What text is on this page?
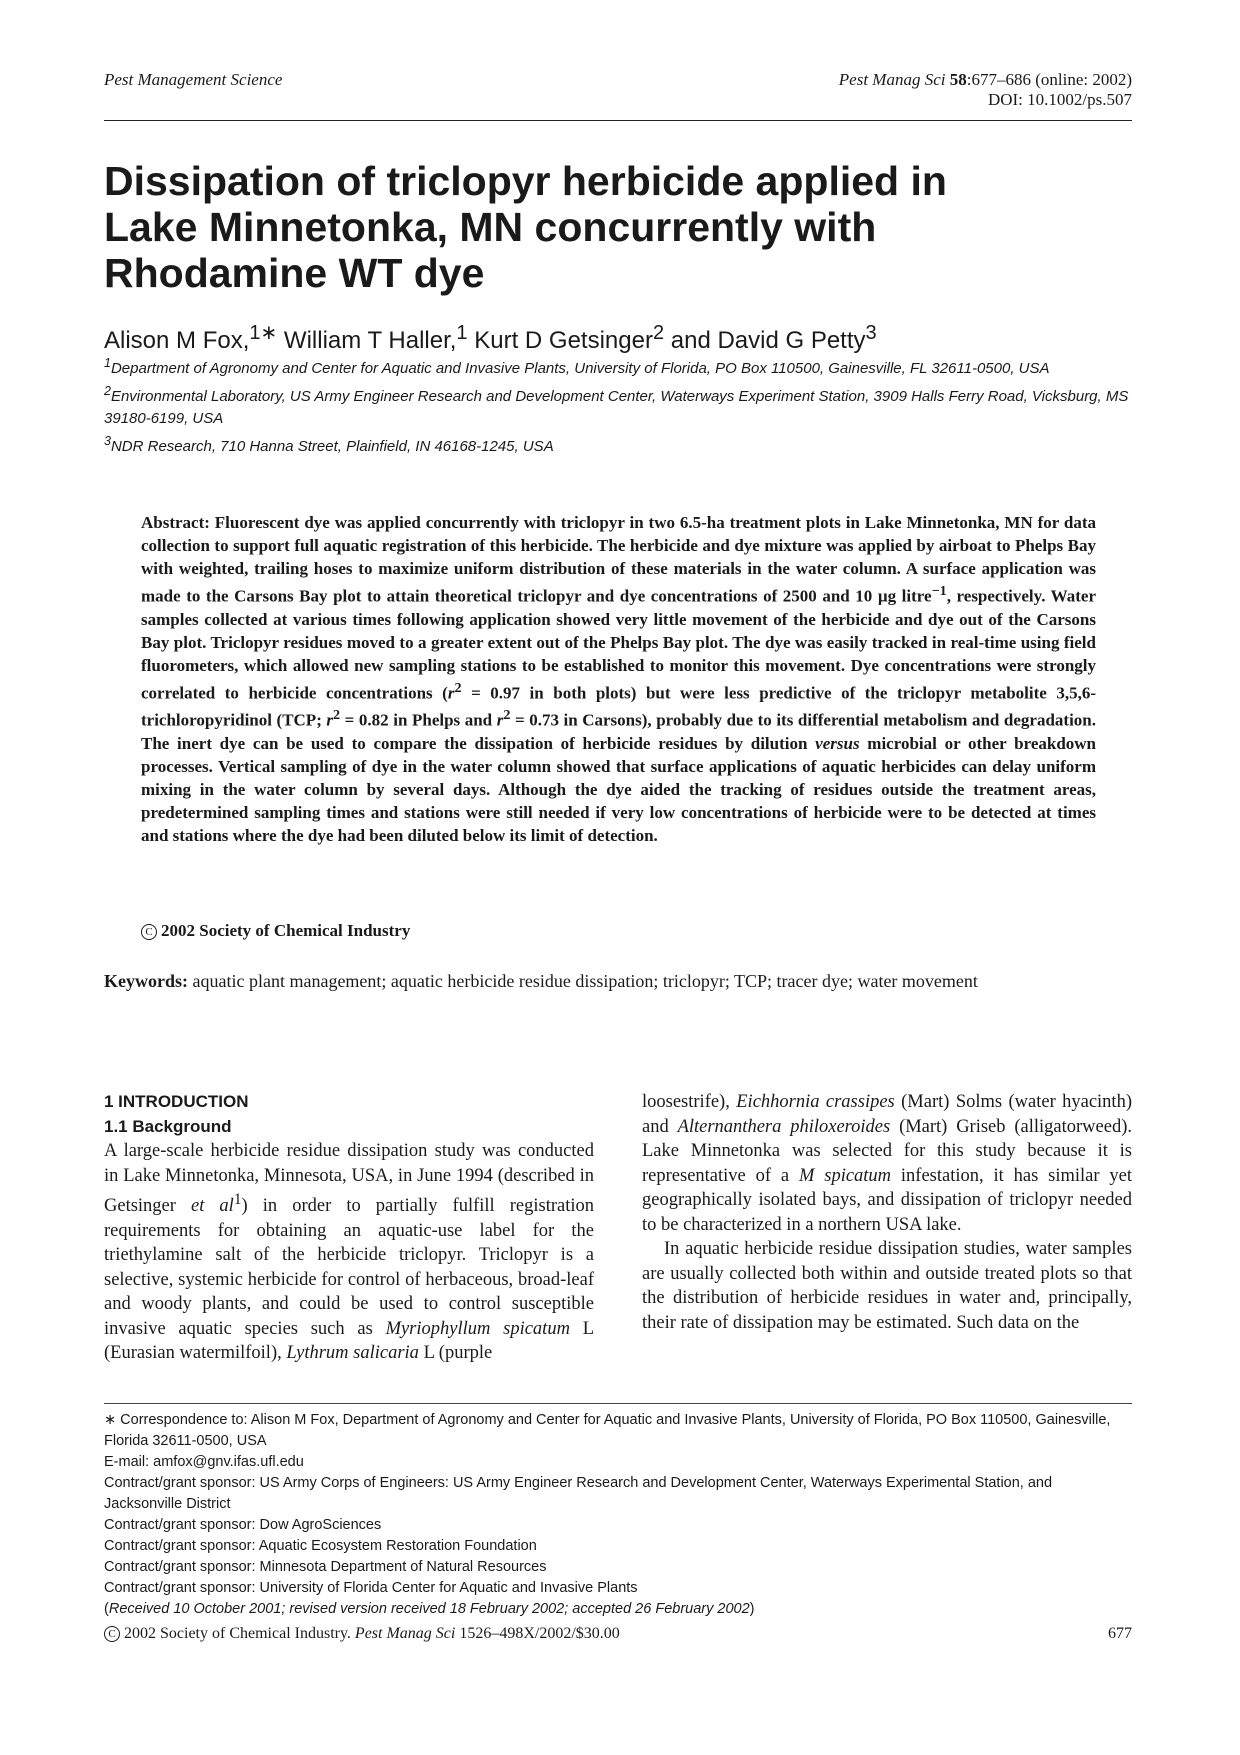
Pest Management Science	Pest Manag Sci 58:677–686 (online: 2002)
DOI: 10.1002/ps.507
Dissipation of triclopyr herbicide applied in
Lake Minnetonka, MN concurrently with
Rhodamine WT dye
Alison M Fox,$^{1∗}$ William T Haller,$^1$ Kurt D Getsinger$^2$ and David G Petty$^3$
$^1$Department of Agronomy and Center for Aquatic and Invasive Plants, University of Florida, PO Box 110500, Gainesville, FL 32611-0500, USA
$^2$Environmental Laboratory, US Army Engineer Research and Development Center, Waterways Experiment Station, 3909 Halls Ferry Road, Vicksburg, MS 39180-6199, USA
$^3$NDR Research, 710 Hanna Street, Plainfield, IN 46168-1245, USA
Abstract: Fluorescent dye was applied concurrently with triclopyr in two 6.5-ha treatment plots in Lake Minnetonka, MN for data collection to support full aquatic registration of this herbicide. The herbicide and dye mixture was applied by airboat to Phelps Bay with weighted, trailing hoses to maximize uniform distribution of these materials in the water column. A surface application was made to the Carsons Bay plot to attain theoretical triclopyr and dye concentrations of 2500 and 10 µg litre$^{-1}$, respectively. Water samples collected at various times following application showed very little movement of the herbicide and dye out of the Carsons Bay plot. Triclopyr residues moved to a greater extent out of the Phelps Bay plot. The dye was easily tracked in real-time using field fluorometers, which allowed new sampling stations to be established to monitor this movement. Dye concentrations were strongly correlated to herbicide concentrations ($r^2 = 0.97$ in both plots) but were less predictive of the triclopyr metabolite 3,5,6-trichloropyridinol (TCP; $r^2 = 0.82$ in Phelps and $r^2 = 0.73$ in Carsons), probably due to its differential metabolism and degradation. The inert dye can be used to compare the dissipation of herbicide residues by dilution versus microbial or other breakdown processes. Vertical sampling of dye in the water column showed that surface applications of aquatic herbicides can delay uniform mixing in the water column by several days. Although the dye aided the tracking of residues outside the treatment areas, predetermined sampling times and stations were still needed if very low concentrations of herbicide were to be detected at times and stations where the dye had been diluted below its limit of detection.
C 2002 Society of Chemical Industry
Keywords: aquatic plant management; aquatic herbicide residue dissipation; triclopyr; TCP; tracer dye; water movement
1 INTRODUCTION
1.1 Background
A large-scale herbicide residue dissipation study was conducted in Lake Minnetonka, Minnesota, USA, in June 1994 (described in Getsinger et $al^1$) in order to partially fulfill registration requirements for obtaining an aquatic-use label for the triethylamine salt of the herbicide triclopyr. Triclopyr is a selective, systemic herbicide for control of herbaceous, broad-leaf and woody plants, and could be used to control susceptible invasive aquatic species such as Myriophyllum spicatum L (Eurasian watermilfoil), Lythrum salicaria L (purple
loosestrife), Eichhornia crassipes (Mart) Solms (water hyacinth) and Alternanthera philoxeroides (Mart) Griseb (alligatorweed). Lake Minnetonka was selected for this study because it is representative of a M spicatum infestation, it has similar yet geographically isolated bays, and dissipation of triclopyr needed to be characterized in a northern USA lake.
In aquatic herbicide residue dissipation studies, water samples are usually collected both within and outside treated plots so that the distribution of herbicide residues in water and, principally, their rate of dissipation may be estimated. Such data on the
∗ Correspondence to: Alison M Fox, Department of Agronomy and Center for Aquatic and Invasive Plants, University of Florida, PO Box 110500, Gainesville, Florida 32611-0500, USA
E-mail: amfox@gnv.ifas.ufl.edu
Contract/grant sponsor: US Army Corps of Engineers: US Army Engineer Research and Development Center, Waterways Experimental Station, and Jacksonville District
Contract/grant sponsor: Dow AgroSciences
Contract/grant sponsor: Aquatic Ecosystem Restoration Foundation
Contract/grant sponsor: Minnesota Department of Natural Resources
Contract/grant sponsor: University of Florida Center for Aquatic and Invasive Plants
(Received 10 October 2001; revised version received 18 February 2002; accepted 26 February 2002)
C 2002 Society of Chemical Industry. Pest Manag Sci 1526–498X/2002/$30.00	677
